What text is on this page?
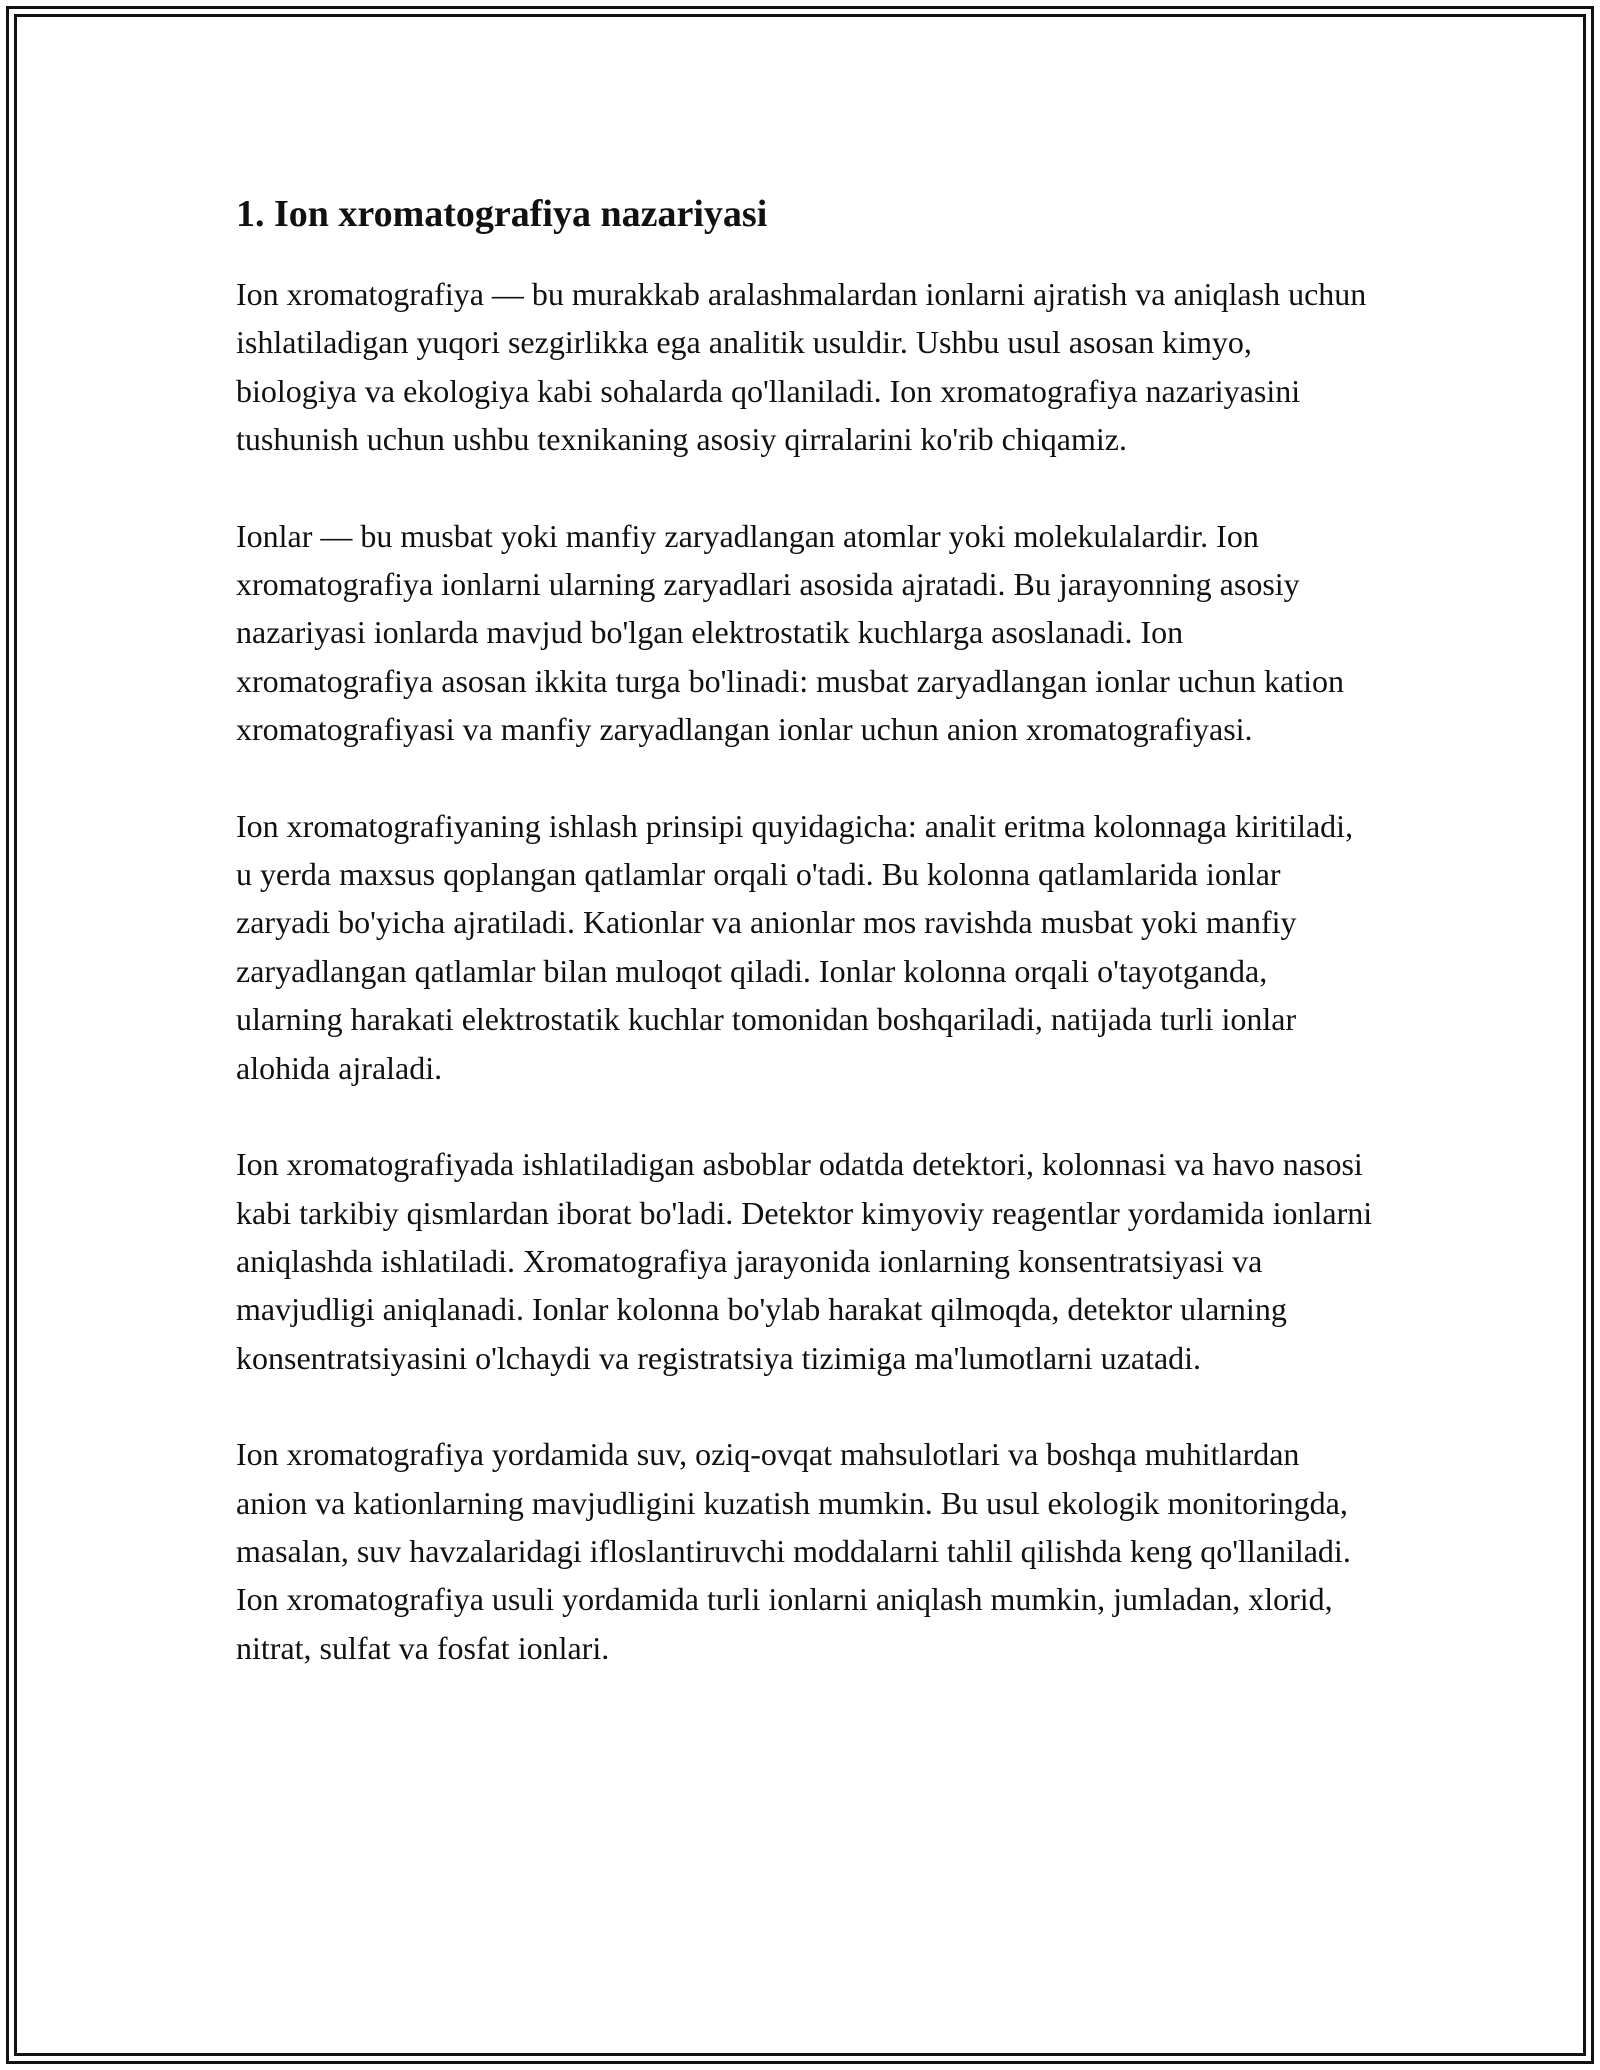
1. Ion xromatografiya nazariyasi

Ion xromatografiya — bu murakkab aralashmalardan ionlarni ajratish va aniqlash uchun ishlatiladigan yuqori sezgirlikka ega analitik usuldir. Ushbu usul asosan kimyo, biologiya va ekologiya kabi sohalarda qo'llaniladi. Ion xromatografiya nazariyasini tushunish uchun ushbu texnikaning asosiy qirralarini ko'rib chiqamiz.

Ionlar — bu musbat yoki manfiy zaryadlangan atomlar yoki molekulalardir. Ion xromatografiya ionlarni ularning zaryadlari asosida ajratadi. Bu jarayonning asosiy nazariyasi ionlarda mavjud bo'lgan elektrostatik kuchlarga asoslanadi. Ion xromatografiya asosan ikkita turga bo'linadi: musbat zaryadlangan ionlar uchun kation xromatografiyasi va manfiy zaryadlangan ionlar uchun anion xromatografiyasi.

Ion xromatografiyaning ishlash prinsipi quyidagicha: analit eritma kolonnaga kiritiladi, u yerda maxsus qoplangan qatlamlar orqali o'tadi. Bu kolonna qatlamlarida ionlar zaryadi bo'yicha ajratiladi. Kationlar va anionlar mos ravishda musbat yoki manfiy zaryadlangan qatlamlar bilan muloqot qiladi. Ionlar kolonna orqali o'tayotganda, ularning harakati elektrostatik kuchlar tomonidan boshqariladi, natijada turli ionlar alohida ajraladi.

Ion xromatografiyada ishlatiladigan asboblar odatda detektori, kolonnasi va havo nasosi kabi tarkibiy qismlardan iborat bo'ladi. Detektor kimyoviy reagentlar yordamida ionlarni aniqlashda ishlatiladi. Xromatografiya jarayonida ionlarning konsentratsiyasi va mavjudligi aniqlanadi. Ionlar kolonna bo'ylab harakat qilmoqda, detektor ularning konsentratsiyasini o'lchaydi va registratsiya tizimiga ma'lumotlarni uzatadi.

Ion xromatografiya yordamida suv, oziq-ovqat mahsulotlari va boshqa muhitlardan anion va kationlarning mavjudligini kuzatish mumkin. Bu usul ekologik monitoringda, masalan, suv havzalaridagi ifloslantiruvchi moddalarni tahlil qilishda keng qo'llaniladi. Ion xromatografiya usuli yordamida turli ionlarni aniqlash mumkin, jumladan, xlorid, nitrat, sulfat va fosfat ionlari.
